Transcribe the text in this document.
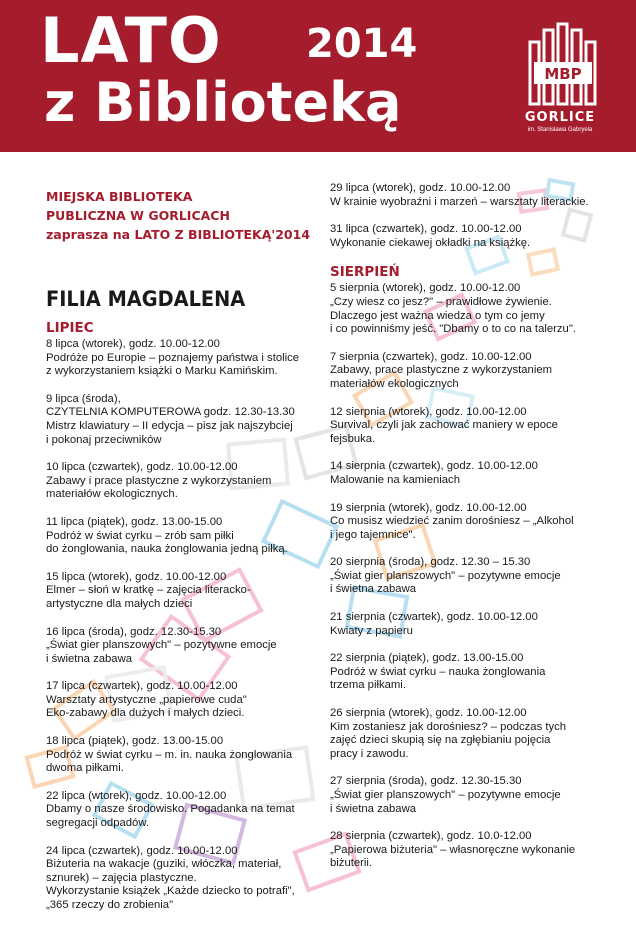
LATO 2014
z Biblioteką	MBP
GORLICE
im. Stanisława Gabryela
MIEJSKA BIBLIOTEKA
PUBLICZNA W GORLICACH
zaprasza na LATO Z BIBLIOTEKĄ'2014
FILIA MAGDALENA
LIPIEC
8 lipca (wtorek), godz. 10.00-12.00
Podróże po Europie – poznajemy państwa i stolice
z wykorzystaniem książki o Marku Kamińskim.
9 lipca (środa),
CZYTELNIA KOMPUTEROWA godz. 12.30-13.30
Mistrz klawiatury – II edycja – pisz jak najszybciej
i pokonaj przeciwników
10 lipca (czwartek), godz. 10.00-12.00
Zabawy i prace plastyczne z wykorzystaniem
materiałów ekologicznych.
11 lipca (piątek), godz. 13.00-15.00
Podróż w świat cyrku – zrób sam piłki
do żonglowania, nauka żonglowania jedną piłką.
15 lipca (wtorek), godz. 10.00-12.00
Elmer – słoń w kratkę – zajęcia literacko-
artystyczne dla małych dzieci
16 lipca (środa), godz. 12.30-15.30
„Świat gier planszowych" – pozytywne emocje
i świetna zabawa
17 lipca (czwartek), godz. 10.00-12.00
Warsztaty artystyczne „papierowe cuda"
Eko-zabawy dla dużych i małych dzieci.
18 lipca (piątek), godz. 13.00-15.00
Podróż w świat cyrku – m. in. nauka żonglowania
dwoma piłkami.
22 lipca (wtorek), godz. 10.00-12.00
Dbamy o nasze środowisko. Pogadanka na temat
segregacji odpadów.
24 lipca (czwartek), godz. 10.00-12.00
Biżuteria na wakacje (guziki, włóczka, materiał,
sznurek) – zajęcia plastyczne.
Wykorzystanie książek „Każde dziecko to potrafi",
„365 rzeczy do zrobienia"
29 lipca (wtorek), godz. 10.00-12.00
W krainie wyobraźni i marzeń – warsztaty literackie.
31 lipca (czwartek), godz. 10.00-12.00
Wykonanie ciekawej okładki na książkę.
SIERPIEŃ
5 sierpnia (wtorek), godz. 10.00-12.00
„Czy wiesz co jesz?" – prawidłowe żywienie.
Dlaczego jest ważna wiedza o tym co jemy
i co powinniśmy jeść. "Dbamy o to co na talerzu".
7 sierpnia (czwartek), godz. 10.00-12.00
Zabawy, prace plastyczne z wykorzystaniem
materiałów ekologicznych
12 sierpnia (wtorek), godz. 10.00-12.00
Survival, czyli jak zachować maniery w epoce
fejsbuka.
14 sierpnia (czwartek), godz. 10.00-12.00
Malowanie na kamieniach
19 sierpnia (wtorek), godz. 10.00-12.00
Co musisz wiedzieć zanim dorośniesz – „Alkohol
i jego tajemnice".
20 sierpnia (środa), godz. 12.30 – 15.30
„Świat gier planszowych" – pozytywne emocje
i świetna zabawa
21 sierpnia (czwartek), godz. 10.00-12.00
Kwiaty z papieru
22 sierpnia (piątek), godz. 13.00-15.00
Podróż w świat cyrku – nauka żonglowania
trzema piłkami.
26 sierpnia (wtorek), godz. 10.00-12.00
Kim zostaniesz jak dorośniesz? – podczas tych
zajęć dzieci skupią się na zgłębianiu pojęcia
pracy i zawodu.
27 sierpnia (środa), godz. 12.30-15.30
„Świat gier planszowych" – pozytywne emocje
i świetna zabawa
28 sierpnia (czwartek), godz. 10.0-12.00
„Papierowa biżuteria" – własnoręczne wykonanie
biżuterii.
